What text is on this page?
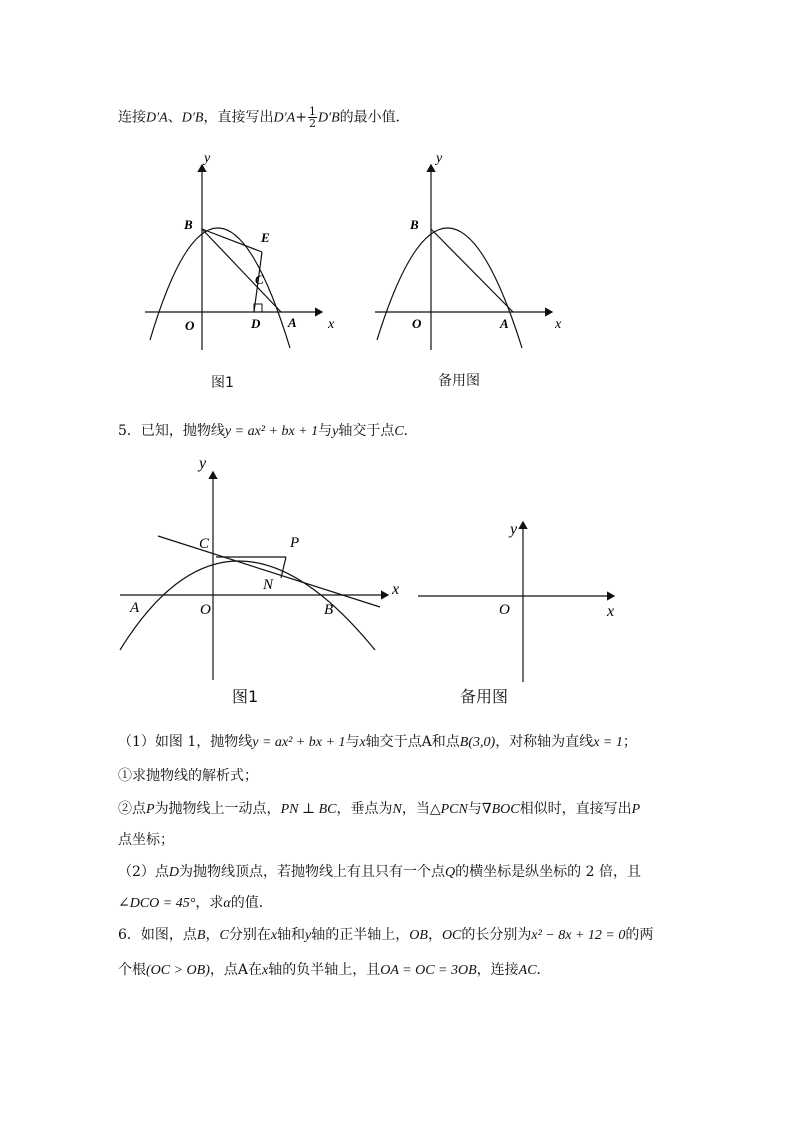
连接D′A、D′B，直接写出$D'A+ \frac{1}{2} D'B$的最小值．
y
x
O	A
B
C
D
E
图1
y
x
O	A
B
备用图
5．已知，抛物线y = ax² + bx + 1与y轴交于点C．
y
x
O
A	B
C	P
N
图1
y
x
O
备用图
（1）如图 1，抛物线y = ax² + bx + 1与x轴交于点A和点B(3,0)，对称轴为直线x = 1；
①求抛物线的解析式；
②点P为抛物线上一动点，PN ⊥ BC，垂点为N，当△PCN与∇BOC相似时，直接写出P
点坐标；
（2）点D为抛物线顶点，若抛物线上有且只有一个点Q的横坐标是纵坐标的 2 倍，且
∠DCO = 45°，求α的值．
6．如图，点B，C分别在x轴和y轴的正半轴上，OB，OC的长分别为x² − 8x + 12 = 0的两
个根(OC > OB)，点A在x轴的负半轴上，且OA = OC = 3OB，连接AC．
